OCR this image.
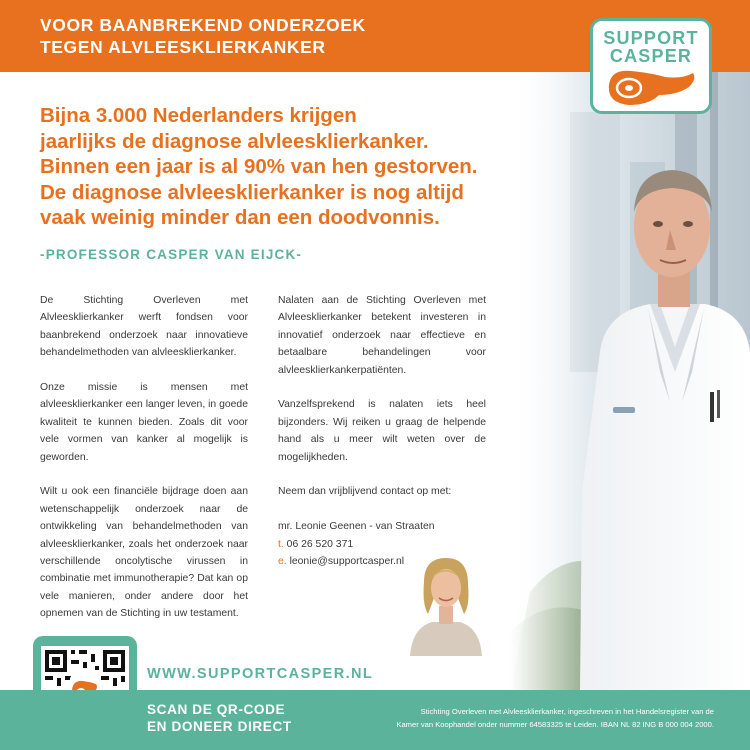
VOOR BAANBREKEND ONDERZOEK
TEGEN ALVLEESKLIERKANKER	SUPPORT
CASPER
Bijna 3.000 Nederlanders krijgen
jaarlijks de diagnose alvleesklierkanker.
Binnen een jaar is al 90% van hen gestorven.
De diagnose alvleesklierkanker is nog altijd
vaak weinig minder dan een doodvonnis.
-PROFESSOR CASPER VAN EIJCK-

De Stichting Overleven met Alvleesklierkanker werft fondsen voor baanbrekend onderzoek naar innovatieve behandelmethoden van alvleesklierkanker.

Onze missie is mensen met alvleesklierkanker een langer leven, in goede kwaliteit te kunnen bieden. Zoals dit voor vele vormen van kanker al mogelijk is geworden.

Wilt u ook een financiële bijdrage doen aan wetenschappelijk onderzoek naar de ontwikkeling van behandelmethoden van alvleesklierkanker, zoals het onderzoek naar verschillende oncolytische virussen in combinatie met immunotherapie? Dat kan op vele manieren, onder andere door het opnemen van de Stichting in uw testament.

Nalaten aan de Stichting Overleven met Alvleesklierkanker betekent investeren in innovatief onderzoek naar effectieve en betaalbare behandelingen voor alvleesklierkankerpatiënten.

Vanzelfsprekend is nalaten iets heel bijzonders. Wij reiken u graag de helpende hand als u meer wilt weten over de mogelijkheden.

Neem dan vrijblijvend contact op met:

mr. Leonie Geenen - van Straaten
t. 06 26 520 371
e. leonie@supportcasper.nl
WWW.SUPPORTCASPER.NL
SCAN DE QR-CODE
EN DONEER DIRECT
Stichting Overleven met Alvleesklierkanker, ingeschreven in het Handelsregister van de
Kamer van Koophandel onder nummer 64583325 te Leiden. IBAN NL 82 ING B 000 004 2000.
